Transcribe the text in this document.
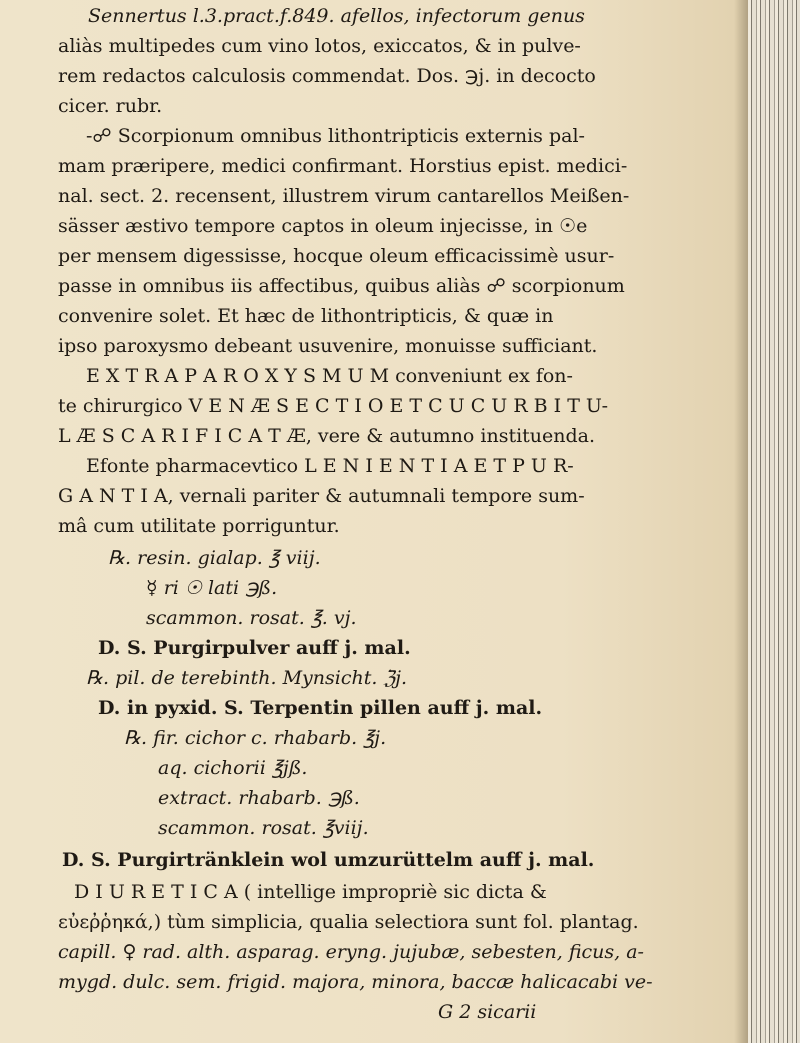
Sennertus l.3.pract.f.849. afellos, infectorum genus
aliàs multipedes cum vino lotos, exiccatos, & in pulve-
rem redactos calculosis commendat. Dos. ℈j. in decocto
cicer. rubr.
-☍ Scorpionum omnibus lithontripticis externis pal-
mam præripere, medici confirmant. Horstius epist. medici-
nal. sect. 2. recensent, illustrem virum cantarellos Meißen-
sässer æstivo tempore captos in oleum injecisse, in ☉e
per mensem digessisse, hocque oleum efficacissimè usur-
passe in omnibus iis affectibus, quibus aliàs ☍ scorpionum
convenire solet. Et hæc de lithontripticis, & quæ in
ipso paroxysmo debeant usuvenire, monuisse sufficiant.
E X T R A P A R O X Y S M U M conveniunt ex fon-
te chirurgico V E N Æ S E C T I O E T C U C U R B I T U-
L Æ S C A R I F I C A T Æ, vere & autumno instituenda.
Efonte pharmacevtico L E N I E N T I A E T P U R-
G A N T I A, vernali pariter & autumnali tempore sum-
mâ cum utilitate porriguntur.
℞. resin. gialap. ℥ viij.
☿ ri ☉ lati ℈ß.
scammon. rosat. ℥. vj.
D. S. Purgirpulver auff j. mal.
℞. pil. de terebinth. Mynsicht. ℨj.
D. in pyxid. S. Terpentin pillen auff j. mal.
℞. fir. cichor c. rhabarb. ℥j.
aq. cichorii ℥jß.
extract. rhabarb. ℈ß.
scammon. rosat. ℥viij.
D. S. Purgirtränklein wol umzurüttelm auff j. mal.
D I U R E T I C A ( intellige impropriè sic dicta &
εὐεῤῥηκά,) tùm simplicia, qualia selectiora sunt fol. plantag.
capill. ♀ rad. alth. asparag. eryng. jujubæ, sebesten, ficus, a-
mygd. dulc. sem. frigid. majora, minora, baccæ halicacabi ve-
G 2 sicarii
